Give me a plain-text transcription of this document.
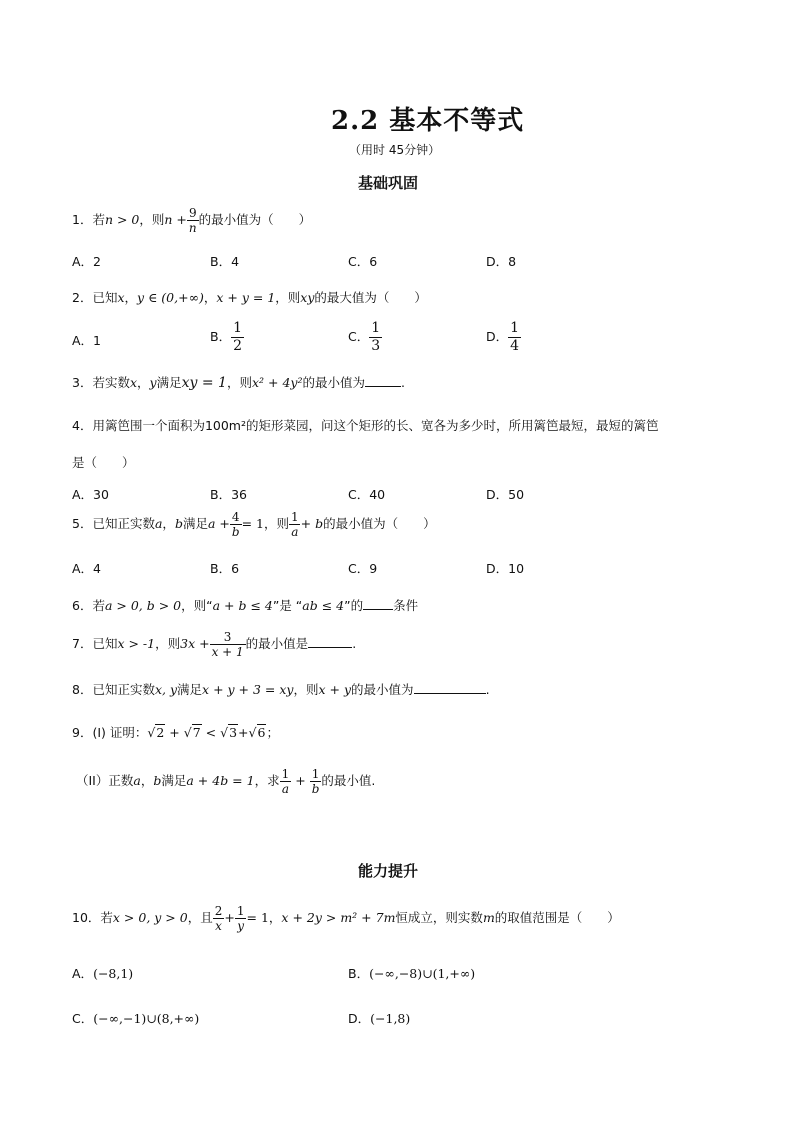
2.2 基本不等式
（用时 45分钟）
基础巩固
1．若n > 0，则$n + \frac{9}{n}$ 的最小值为（　　）
A．2	B．4	C．6	D．8
2．已知x，y ∈ (0,+∞)，x + y = 1，则xy的最大值为（　　）
A．1	B． $\frac{1}{2}$	C． $\frac{1}{3}$	D． $\frac{1}{4}$
3．若实数x，y满足xy = 1，则x² + 4y²的最小值为	.
4．用篱笆围一个面积为100m²的矩形菜园，问这个矩形的长、宽各为多少时，所用篱笆最短，最短的篱笆
是（　　）
A．30	B．36	C．40	D．50
5．已知正实数a，b满足$a + \frac{4}{b} = 1$，则 $\frac{1}{a} + b$的最小值为（　　）
A．4	B．6	C．9	D．10
6．若a > 0, b > 0，则“a + b ≤ 4”是 “ab ≤ 4”的 条件
7．已知x > -1，则$3x + \frac{3}{x + 1}$ 的最小值是	.
8．已知正实数x, y满足x + y + 3 = xy，则x + y的最小值为	.
9．(I) 证明：√2 + √7 < √3+√6；
（II）正数a，b满足a + 4b = 1，求 $\frac{1}{a} + \frac{1}{b}$ 的最小值.
能力提升
10．若x > 0, y > 0，且 $\frac{2}{x} + \frac{1}{y} = 1$，x + 2y > m² + 7m恒成立，则实数m的取值范围是（　　）
A．(−8,1)	B．(−∞,−8)∪(1,+∞)
C．(−∞,−1)∪(8,+∞)	D．(−1,8)
